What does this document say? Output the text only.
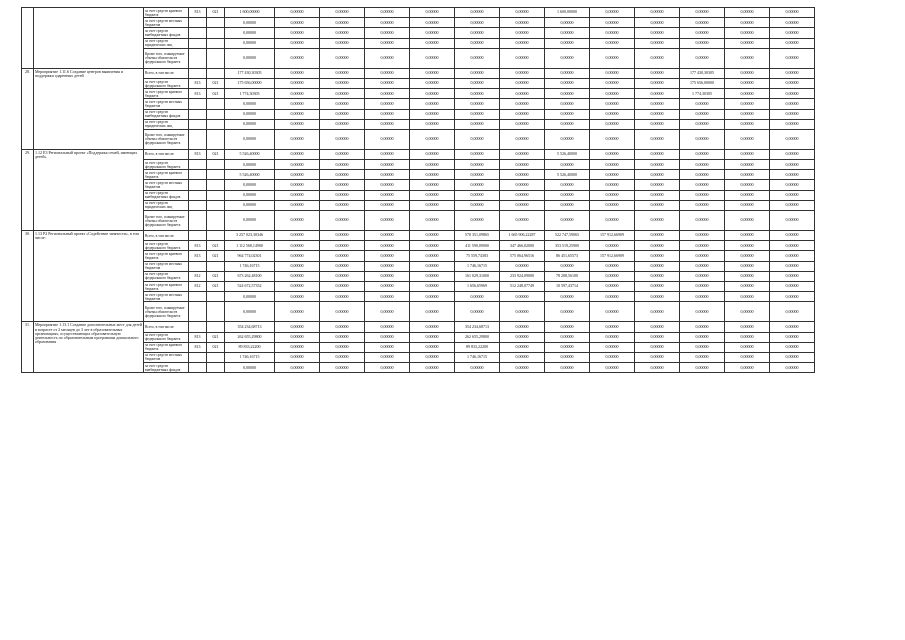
		за счет средств краевого бюджета	813	021	1 600,00000	0,00000	0,00000	0,00000	0,00000	0,00000	0,00000	1 600,00000	0,00000	0,00000	0,00000	0,00000	0,00000
		за счет средств местных бюджетов			0,00000	0,00000	0,00000	0,00000	0,00000	0,00000	0,00000	0,00000	0,00000	0,00000	0,00000	0,00000	0,00000
		за счет средств внебюджетных фондов			0,00000	0,00000	0,00000	0,00000	0,00000	0,00000	0,00000	0,00000	0,00000	0,00000	0,00000	0,00000	0,00000
		за счет средств юридических лиц			0,00000	0,00000	0,00000	0,00000	0,00000	0,00000	0,00000	0,00000	0,00000	0,00000	0,00000	0,00000	0,00000
		Кроме того, планируемые объемы обязательств федерального бюджета			0,00000	0,00000	0,00000	0,00000	0,00000	0,00000	0,00000	0,00000	0,00000	0,00000	0,00000	0,00000	0,00000
28.	Мероприятие 1.11.6 Создание центров выявления и поддержки одаренных детей	Всего, в том числе:			177 430,30305	0,00000	0,00000	0,00000	0,00000	0,00000	0,00000	0,00000	0,00000	0,00000	177 430,30305	0,00000	0,00000
		за счет средств федерального бюджета	813	021	175 656,00000	0,00000	0,00000	0,00000	0,00000	0,00000	0,00000	0,00000	0,00000	0,00000	175 656,00000	0,00000	0,00000
		за счет средств краевого бюджета	813	021	1 774,30305	0,00000	0,00000	0,00000	0,00000	0,00000	0,00000	0,00000	0,00000	0,00000	1 774,30305	0,00000	0,00000
		за счет средств местных бюджетов			0,00000	0,00000	0,00000	0,00000	0,00000	0,00000	0,00000	0,00000	0,00000	0,00000	0,00000	0,00000	0,00000
		за счет средств внебюджетных фондов			0,00000	0,00000	0,00000	0,00000	0,00000	0,00000	0,00000	0,00000	0,00000	0,00000	0,00000	0,00000	0,00000
		за счет средств юридических лиц			0,00000	0,00000	0,00000	0,00000	0,00000	0,00000	0,00000	0,00000	0,00000	0,00000	0,00000	0,00000	0,00000
		Кроме того, планируемые объемы обязательств федерального бюджета			0,00000	0,00000	0,00000	0,00000	0,00000	0,00000	0,00000	0,00000	0,00000	0,00000	0,00000	0,00000	0,00000
29.	1.12 E3 Региональный проект «Поддержка семей, имеющих детей»	Всего, в том числе:	813	021	5 526,40000	0,00000	0,00000	0,00000	0,00000	0,00000	0,00000	5 526,40000	0,00000	0,00000	0,00000	0,00000	0,00000
		за счет средств федерального бюджета			0,00000	0,00000	0,00000	0,00000	0,00000	0,00000	0,00000	0,00000	0,00000	0,00000	0,00000	0,00000	0,00000
		за счет средств краевого бюджета			5 526,40000	0,00000	0,00000	0,00000	0,00000	0,00000	0,00000	5 526,40000	0,00000	0,00000	0,00000	0,00000	0,00000
		за счет средств местных бюджетов			0,00000	0,00000	0,00000	0,00000	0,00000	0,00000	0,00000	0,00000	0,00000	0,00000	0,00000	0,00000	0,00000
		за счет средств внебюджетных фондов			0,00000	0,00000	0,00000	0,00000	0,00000	0,00000	0,00000	0,00000	0,00000	0,00000	0,00000	0,00000	0,00000
		за счет средств юридических лиц			0,00000	0,00000	0,00000	0,00000	0,00000	0,00000	0,00000	0,00000	0,00000	0,00000	0,00000	0,00000	0,00000
		Кроме того, планируемые объемы обязательств федерального бюджета			0,00000	0,00000	0,00000	0,00000	0,00000	0,00000	0,00000	0,00000	0,00000	0,00000	0,00000	0,00000	0,00000
30.	1.13 P2 Региональный проект «Содействие занятости», в том числе:	Всего, в том числе:			3 257 023,30346	0,00000	0,00000	0,00000	0,00000	570 351,09865	1 665 906,22287	522 747,59065	157 912,66909	0,00000	0,00000	0,00000	0,00000
		за счет средств федерального бюджета	813	021	1 112 568,14900	0,00000	0,00000	0,00000	0,00000	411 590,09000	347 466,02000	353 519,25900	0,00000	0,00000	0,00000	0,00000	0,00000
		за счет средств краевого бюджета	813	021	964 774,02301	0,00000	0,00000	0,00000	0,00000	75 559,74383	575 064,96516	86 451,65573	157 912,66909	0,00000	0,00000	0,00000	0,00000
		за счет средств местных бюджетов			1 746,16715	0,00000	0,00000	0,00000	0,00000	1 746,16715	0,00000	0,00000	0,00000	0,00000	0,00000	0,00000	0,00000
		за счет средств федерального бюджета	812	021	673 262,48100	0,00000	0,00000	0,00000	0,00000	161 029,31000	233 924,09000	78 208,56100	0,00000	0,00000	0,00000	0,00000	0,00000
		за счет средств краевого бюджета	812	021	524 672,57352	0,00000	0,00000	0,00000	0,00000	1 656,65969	512 248,07749	10 597,43714	0,00000	0,00000	0,00000	0,00000	0,00000
		за счет средств местных бюджетов			0,00000	0,00000	0,00000	0,00000	0,00000	0,00000	0,00000	0,00000	0,00000	0,00000	0,00000	0,00000	0,00000
		Кроме того, планируемые объемы обязательств федерального бюджета			0,00000	0,00000	0,00000	0,00000	0,00000	0,00000	0,00000	0,00000	0,00000	0,00000	0,00000	0,00000	0,00000
31.	Мероприятие 1.13.1 Создание дополнительных мест для детей в возрасте от 2 месяцев до 3 лет в образовательных организациях, осуществляющих образовательную деятельность по образовательным программам дошкольного образования	Всего, в том числе:			354 234,68713	0,00000	0,00000	0,00000	0,00000	354 234,68713	0,00000	0,00000	0,00000	0,00000	0,00000	0,00000	0,00000
		за счет средств федерального бюджета	813	021	262 655,29800	0,00000	0,00000	0,00000	0,00000	262 655,29800	0,00000	0,00000	0,00000	0,00000	0,00000	0,00000	0,00000
		за счет средств краевого бюджета	813	021	89 833,22200	0,00000	0,00000	0,00000	0,00000	89 833,22200	0,00000	0,00000	0,00000	0,00000	0,00000	0,00000	0,00000
		за счет средств местных бюджетов			1 746,16715	0,00000	0,00000	0,00000	0,00000	1 746,16715	0,00000	0,00000	0,00000	0,00000	0,00000	0,00000	0,00000
		за счет средств внебюджетных фондов			0,00000	0,00000	0,00000	0,00000	0,00000	0,00000	0,00000	0,00000	0,00000	0,00000	0,00000	0,00000	0,00000
